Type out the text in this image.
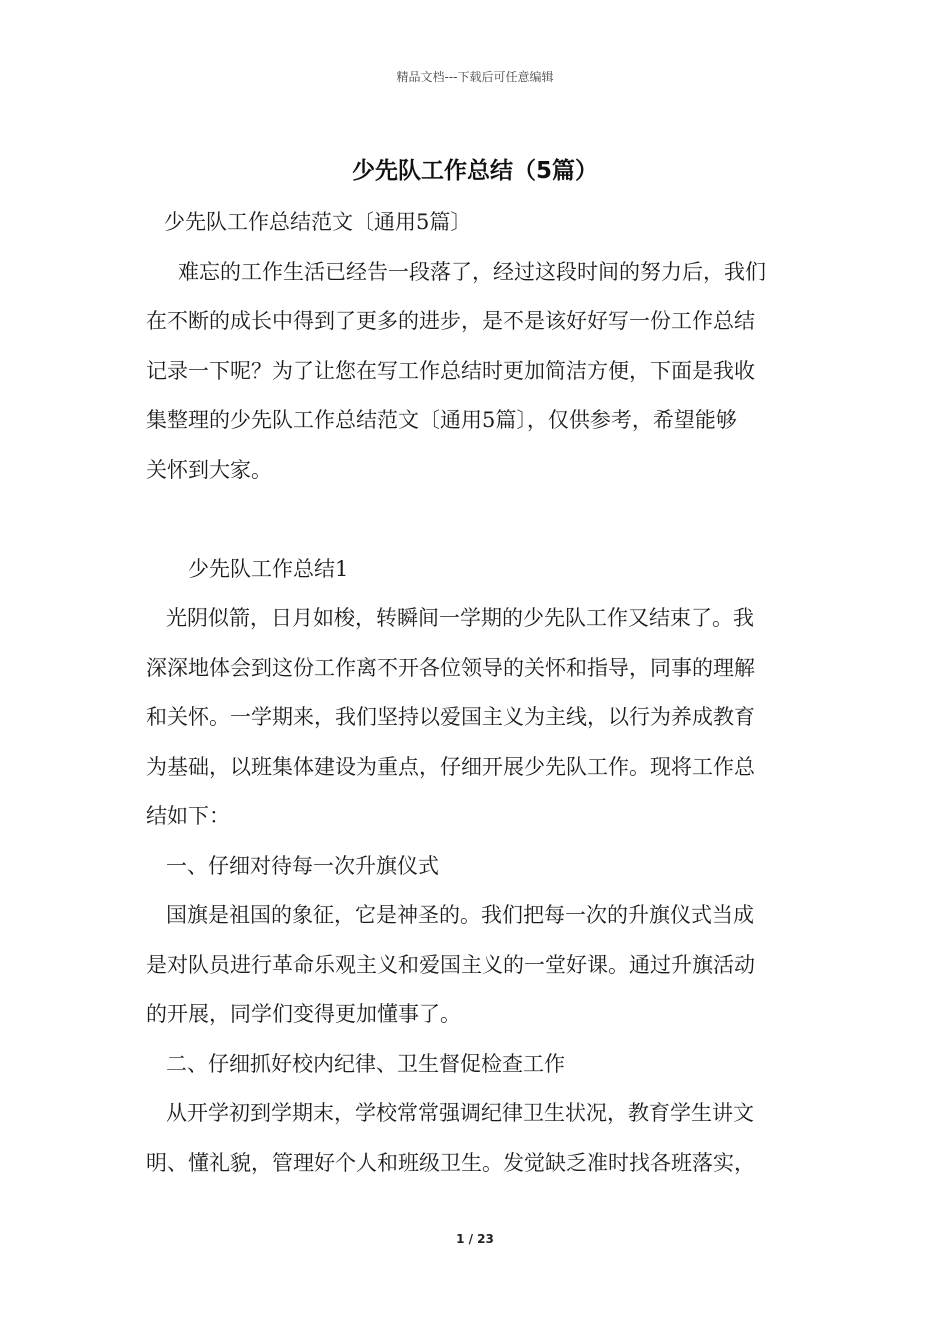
精品文档---下载后可任意编辑
少先队工作总结（5篇）
少先队工作总结范文〔通用5篇〕
难忘的工作生活已经告一段落了，经过这段时间的努力后，我们
在不断的成长中得到了更多的进步，是不是该好好写一份工作总结
记录一下呢？为了让您在写工作总结时更加简洁方便，下面是我收
集整理的少先队工作总结范文〔通用5篇〕，仅供参考，希望能够
关怀到大家。
少先队工作总结1
光阴似箭，日月如梭，转瞬间一学期的少先队工作又结束了。我
深深地体会到这份工作离不开各位领导的关怀和指导，同事的理解
和关怀。一学期来，我们坚持以爱国主义为主线，以行为养成教育
为基础，以班集体建设为重点，仔细开展少先队工作。现将工作总
结如下：
一、仔细对待每一次升旗仪式
国旗是祖国的象征，它是神圣的。我们把每一次的升旗仪式当成
是对队员进行革命乐观主义和爱国主义的一堂好课。通过升旗活动
的开展，同学们变得更加懂事了。
二、仔细抓好校内纪律、卫生督促检查工作
从开学初到学期末，学校常常强调纪律卫生状况，教育学生讲文
明、懂礼貌，管理好个人和班级卫生。发觉缺乏准时找各班落实，
1 / 23
